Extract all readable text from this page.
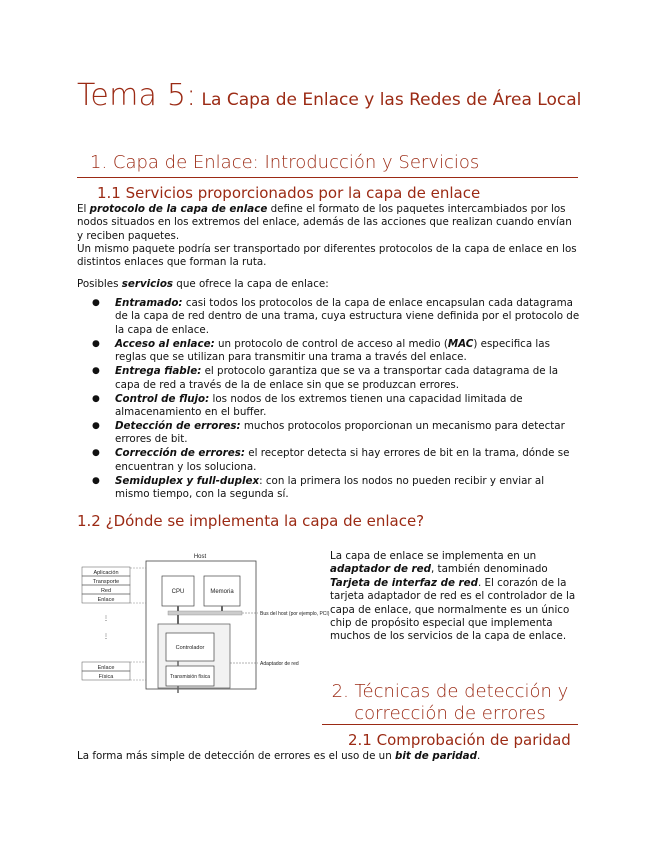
Tema 5: La Capa de Enlace y las Redes de Área Local
1. Capa de Enlace: Introducción y Servicios
1.1 Servicios proporcionados por la capa de enlace

El protocolo de la capa de enlace define el formato de los paquetes intercambiados por los nodos situados en los extremos del enlace, además de las acciones que realizan cuando envían y reciben paquetes.

Un mismo paquete podría ser transportado por diferentes protocolos de la capa de enlace en los distintos enlaces que forman la ruta.

Posibles servicios que ofrece la capa de enlace:

●	Entramado: casi todos los protocolos de la capa de enlace encapsulan cada datagrama de la capa de red dentro de una trama, cuya estructura viene definida por el protocolo de la capa de enlace.
●	Acceso al enlace: un protocolo de control de acceso al medio (MAC) especifica las reglas que se utilizan para transmitir una trama a través del enlace.
●	Entrega fiable: el protocolo garantiza que se va a transportar cada datagrama de la capa de red a través de la de enlace sin que se produzcan errores.
●	Control de flujo: los nodos de los extremos tienen una capacidad limitada de almacenamiento en el buffer.
●	Detección de errores: muchos protocolos proporcionan un mecanismo para detectar errores de bit.
●	Corrección de errores: el receptor detecta si hay errores de bit en la trama, dónde se encuentran y los soluciona.
●	Semiduplex y full-duplex: con la primera los nodos no pueden recibir y enviar al mismo tiempo, con la segunda sí.
1.2 ¿Dónde se implementa la capa de enlace?
Host
Aplicación
Transporte
Red
Enlace
⋮
⋮
Enlace
Física
CPU	Memoria
Bus del host (por ejemplo, PCI)
Controlador
Adaptador de red
Transmisión física

La capa de enlace se implementa en un adaptador de red, también denominado Tarjeta de interfaz de red. El corazón de la tarjeta adaptador de red es el controlador de la capa de enlace, que normalmente es un único chip de propósito especial que implementa muchos de los servicios de la capa de enlace.

2. Técnicas de detección y corrección de errores
2.1 Comprobación de paridad

La forma más simple de detección de errores es el uso de un bit de paridad.
